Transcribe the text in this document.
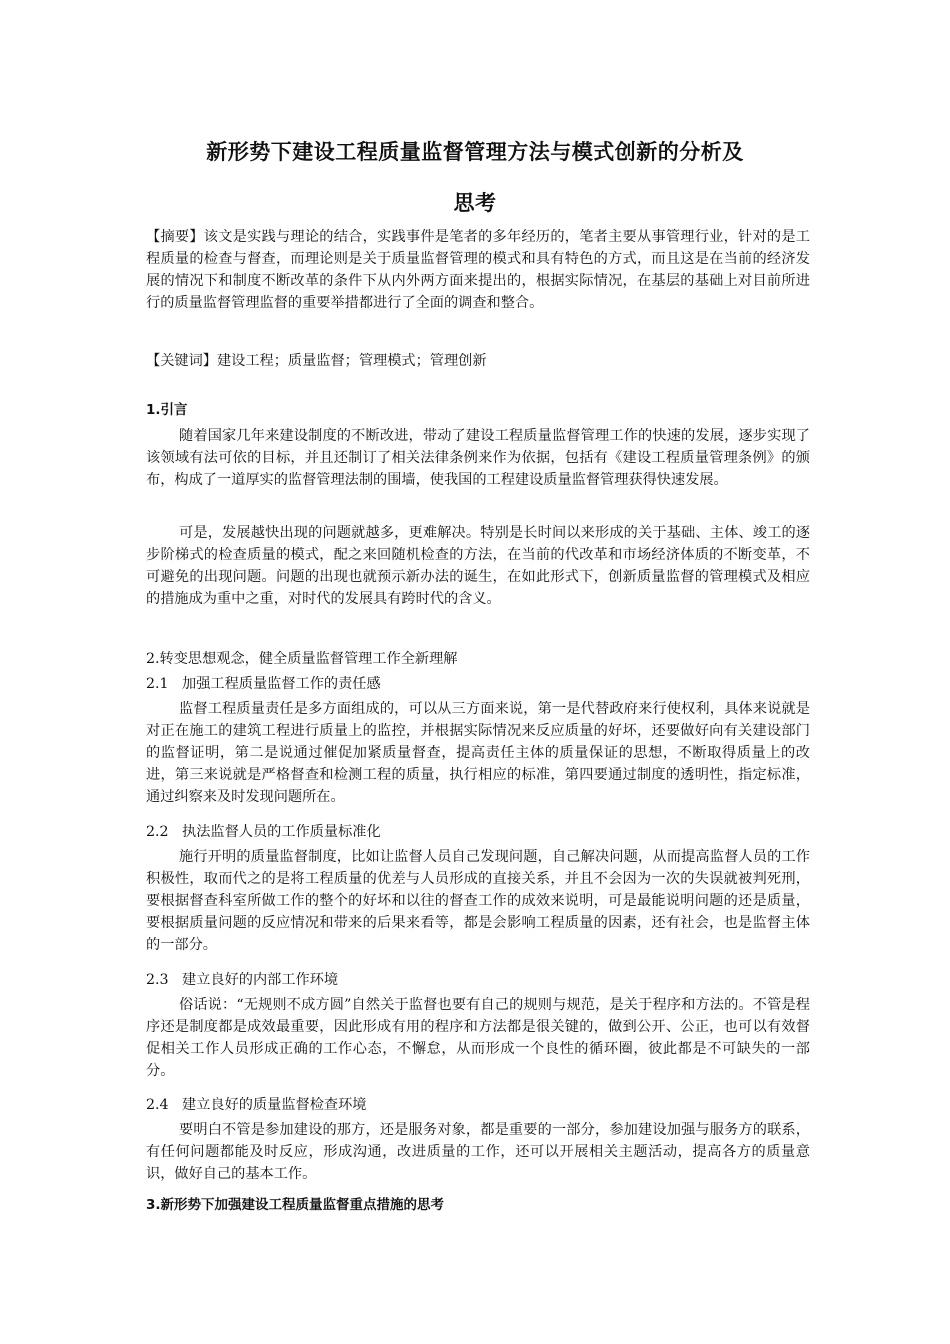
新形势下建设工程质量监督管理方法与模式创新的分析及
思考
【摘要】该文是实践与理论的结合，实践事件是笔者的多年经历的，笔者主要从事管理行业，针对的是工程质量的检查与督查，而理论则是关于质量监督管理的模式和具有特色的方式，而且这是在当前的经济发展的情况下和制度不断改革的条件下从内外两方面来提出的，根据实际情况，在基层的基础上对目前所进行的质量监督管理监督的重要举措都进行了全面的调查和整合。
【关键词】建设工程；质量监督；管理模式；管理创新
1.引言
随着国家几年来建设制度的不断改进，带动了建设工程质量监督管理工作的快速的发展，逐步实现了该领域有法可依的目标，并且还制订了相关法律条例来作为依据，包括有《建设工程质量管理条例》的颁布，构成了一道厚实的监督管理法制的围墙，使我国的工程建设质量监督管理获得快速发展。
可是，发展越快出现的问题就越多，更难解决。特别是长时间以来形成的关于基础、主体、竣工的逐步阶梯式的检查质量的模式，配之来回随机检查的方法，在当前的代改革和市场经济体质的不断变革，不可避免的出现问题。问题的出现也就预示新办法的诞生，在如此形式下，创新质量监督的管理模式及相应的措施成为重中之重，对时代的发展具有跨时代的含义。
2.转变思想观念，健全质量监督管理工作全新理解
2.1 加强工程质量监督工作的责任感
监督工程质量责任是多方面组成的，可以从三方面来说，第一是代替政府来行使权利，具体来说就是对正在施工的建筑工程进行质量上的监控，并根据实际情况来反应质量的好坏，还要做好向有关建设部门的监督证明，第二是说通过催促加紧质量督查，提高责任主体的质量保证的思想，不断取得质量上的改进，第三来说就是严格督查和检测工程的质量，执行相应的标准，第四要通过制度的透明性，指定标准，通过纠察来及时发现问题所在。
2.2 执法监督人员的工作质量标准化
施行开明的质量监督制度，比如让监督人员自己发现问题，自己解决问题，从而提高监督人员的工作积极性，取而代之的是将工程质量的优差与人员形成的直接关系，并且不会因为一次的失误就被判死刑，要根据督查科室所做工作的整个的好坏和以往的督查工作的成效来说明，可是最能说明问题的还是质量，要根据质量问题的反应情况和带来的后果来看等，都是会影响工程质量的因素，还有社会，也是监督主体的一部分。
2.3 建立良好的内部工作环境
俗话说：“无规则不成方圆”自然关于监督也要有自己的规则与规范，是关于程序和方法的。不管是程序还是制度都是成效最重要，因此形成有用的程序和方法都是很关键的，做到公开、公正，也可以有效督促相关工作人员形成正确的工作心态，不懈怠，从而形成一个良性的循环圈，彼此都是不可缺失的一部分。
2.4 建立良好的质量监督检查环境
要明白不管是参加建设的那方，还是服务对象，都是重要的一部分，参加建设加强与服务方的联系，有任何问题都能及时反应，形成沟通，改进质量的工作，还可以开展相关主题活动，提高各方的质量意识，做好自己的基本工作。
3.新形势下加强建设工程质量监督重点措施的思考
